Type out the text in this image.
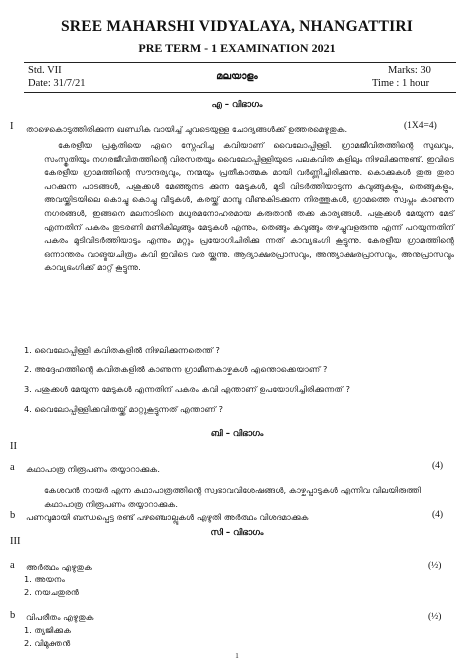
SREE MAHARSHI VIDYALAYA, NHANGATTIRI
PRE TERM - 1 EXAMINATION 2021
Std. VII
Date: 31/7/21
മലയാളം
Marks: 30
Time : 1 hour
എ – വിഭാഗം
I താഴെകൊടുത്തിരിക്കുന്ന ഖണ്ഡിക വായിച്ച് ചുവടെയുള്ള ചോദ്യങ്ങൾക്ക് ഉത്തരമെഴുതുക.	(1X4=4)
കേരളീയ പ്രകൃതിയെ ഏറെ സ്നേഹിച്ച കവിയാണ് വൈലോപ്പിള്ളി. ഗ്രാമജീവിതത്തിന്റെ സുഖവും, സംസ്കൃതിയും നഗരജീവിതത്തിന്റെ വിരസതയും വൈലോപ്പിള്ളിയുടെ പലകവിത കളിലും നിഴലിക്കുന്നുണ്ട്. ഇവിടെ കേരളീയ ഗ്രാമത്തിന്റെ സൗന്ദര്യവും, നന്മയും പ്രതീകാത്മക മായി വർണ്ണിച്ചിരിക്കുന്നു. കൊക്കുകൾ തുരു തുരാ പറക്കുന്ന പാടങ്ങൾ, പശുക്കൾ മേഞ്ഞുനട ക്കുന്ന മേടുകൾ, മുടി വിടർത്തിയാടുന്ന കവുങ്ങുകളും, തെങ്ങുകളും, അവയ്ക്കിടയിലെ കൊച്ചു കൊച്ചു വീടുകൾ, കരയ്ക്ക് മാമ്പൂ വീണുകിടക്കുന്ന നിരത്തുകൾ, ഗ്രാമത്തെ സ്വപ്നം കാണുന്ന നഗരങ്ങൾ, ഇങ്ങനെ മലനാടിനെ മധുരമനോഹരമായ കരുതാൻ തക്ക കാര്യങ്ങൾ. പശുക്കൾ മേയുന്ന മേട് എന്നതിന് പകരം തുടരണി മണികിലുങ്ങും മേടുകൾ എന്നും, തെങ്ങും കവുങ്ങും തഴച്ചുവളരുന്നു എന്ന് പറയുന്നതിന് പകരം മുടിവിടർത്തിയാടും എന്നും മറ്റും പ്രയോഗിചിരിക്കു ന്നത് കാവ്യഭംഗി കൂട്ടുന്നു. കേരളീയ ഗ്രാമത്തിന്റെ ഒന്നാന്തരം വാങ്മയചിത്രം കവി ഇവിടെ വര യ്ക്കുന്നു. ആദ്യാക്ഷരപ്രാസവും, അന്ത്യാക്ഷരപ്രാസവും, അനുപ്രാസവും കാവ്യഭംഗിക്ക് മാറ്റ് കൂട്ടുന്നു.
1. വൈലോപ്പിള്ളി കവിതകളിൽ നിഴലിക്കുന്നതെന്ത് ?
2. അദ്ദേഹത്തിന്റെ കവിതകളിൽ കാണുന്ന ഗ്രാമീണകാഴ്ചകൾ എന്തൊക്കെയാണ് ?
3. പശുക്കൾ മേയുന്ന മേടുകൾ എന്നതിന് പകരം കവി എന്താണ് ഉപയോഗിച്ചിരിക്കുന്നത് ?
4. വൈലോപ്പിള്ളിക്കവിതയ്ക്ക് മാറ്റുകൂട്ടുന്നത് എന്താണ് ?
ബി – വിഭാഗം
II
a കഥാപാത്ര നിരൂപണം തയ്യാറാക്കുക.	(4)
കേശവൻ നായർ എന്ന കഥാപാത്രത്തിന്റെ സ്വഭാവവിശേഷങ്ങൾ, കാഴ്ചപ്പാടുകൾ എന്നിവ വിലയിരുത്തി കഥാപാത്ര നിരൂപണം തയ്യാറാക്കുക.
b പണവുമായി ബന്ധപ്പെട്ട രണ്ട് പഴഞ്ചൊല്ലുകൾ എഴുതി അർത്ഥം വിശദമാക്കുക	(4)
സി – വിഭാഗം
III
a അർത്ഥം എഴുതുക	(½)
1. അയനം
2. നയചതുരൻ
b വിപരീതം എഴുതുക	(½)
1. ത്യജിക്കുക
2. വിമുക്തൻ
1
